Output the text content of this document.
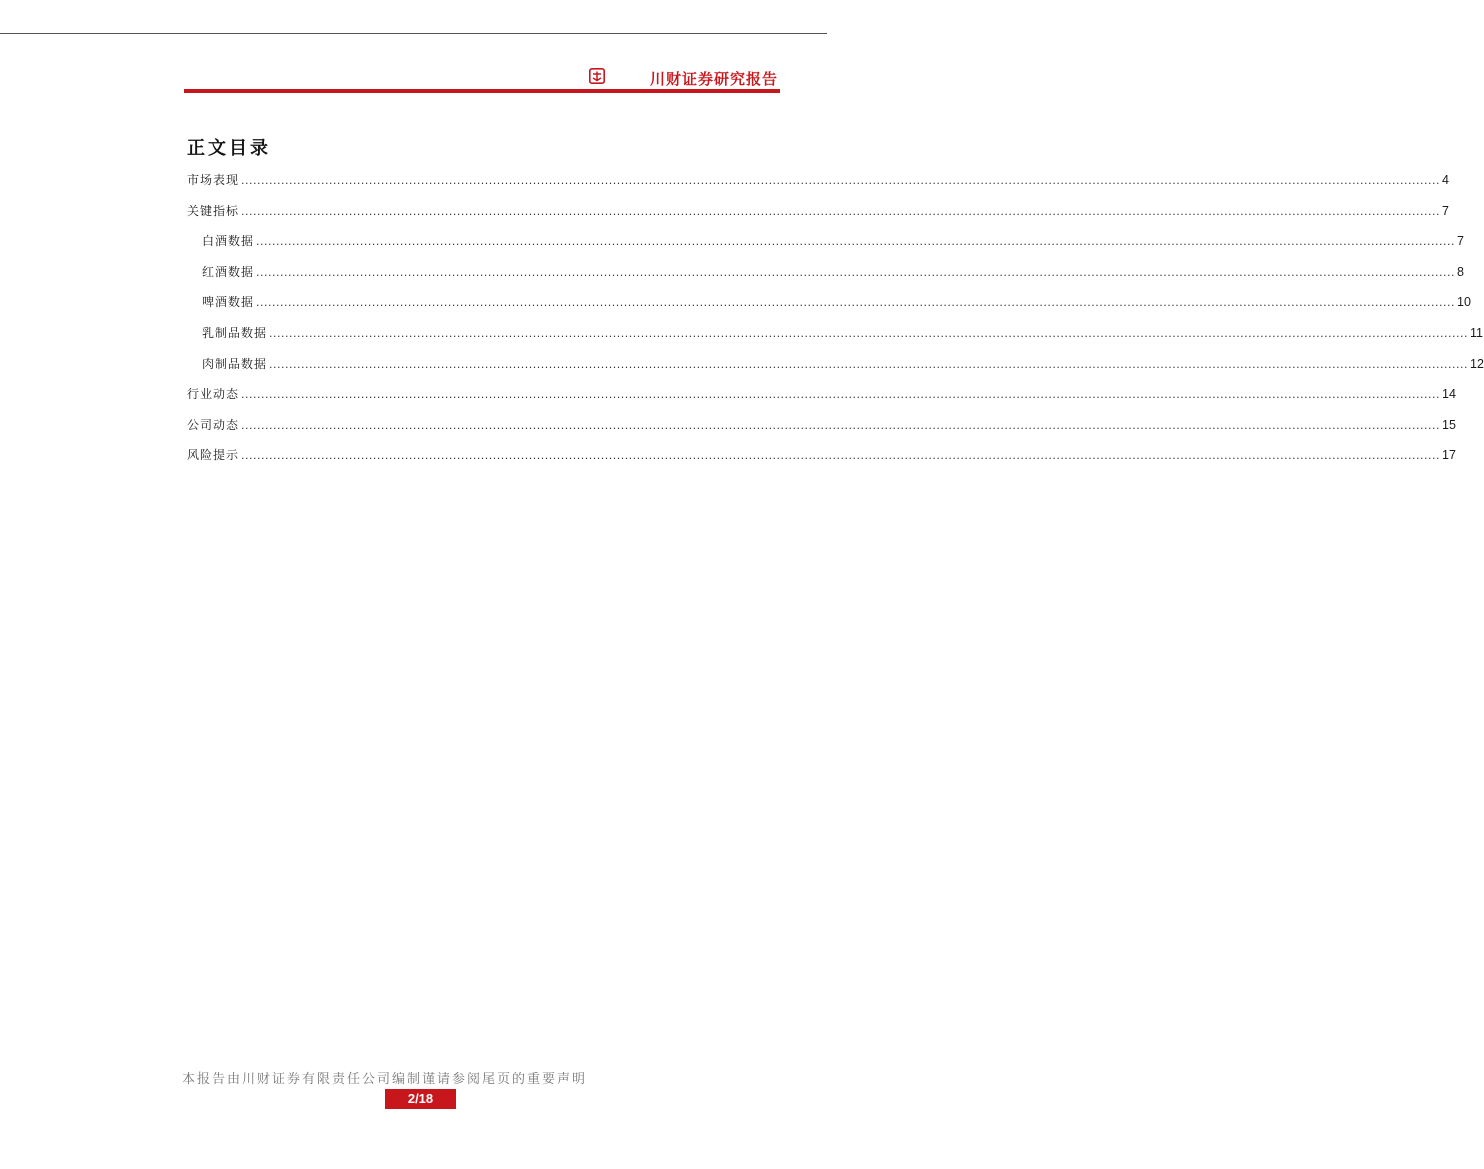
川财证券研究报告
正文目录
市场表现 ............................................................................................................................................................................................................................................................................................................ 4
关键指标 ............................................................................................................................................................................................................................................................................................................ 7
白酒数据 ............................................................................................................................................................................................................................................................................................................ 7
红酒数据 ............................................................................................................................................................................................................................................................................................................ 8
啤酒数据 ............................................................................................................................................................................................................................................................................................................ 10
乳制品数据 ............................................................................................................................................................................................................................................................................................................ 11
肉制品数据 ............................................................................................................................................................................................................................................................................................................ 12
行业动态 ............................................................................................................................................................................................................................................................................................................ 14
公司动态 ............................................................................................................................................................................................................................................................................................................ 15
风险提示 ............................................................................................................................................................................................................................................................................................................ 17
本报告由川财证券有限责任公司编制谨请参阅尾页的重要声明
2/18
